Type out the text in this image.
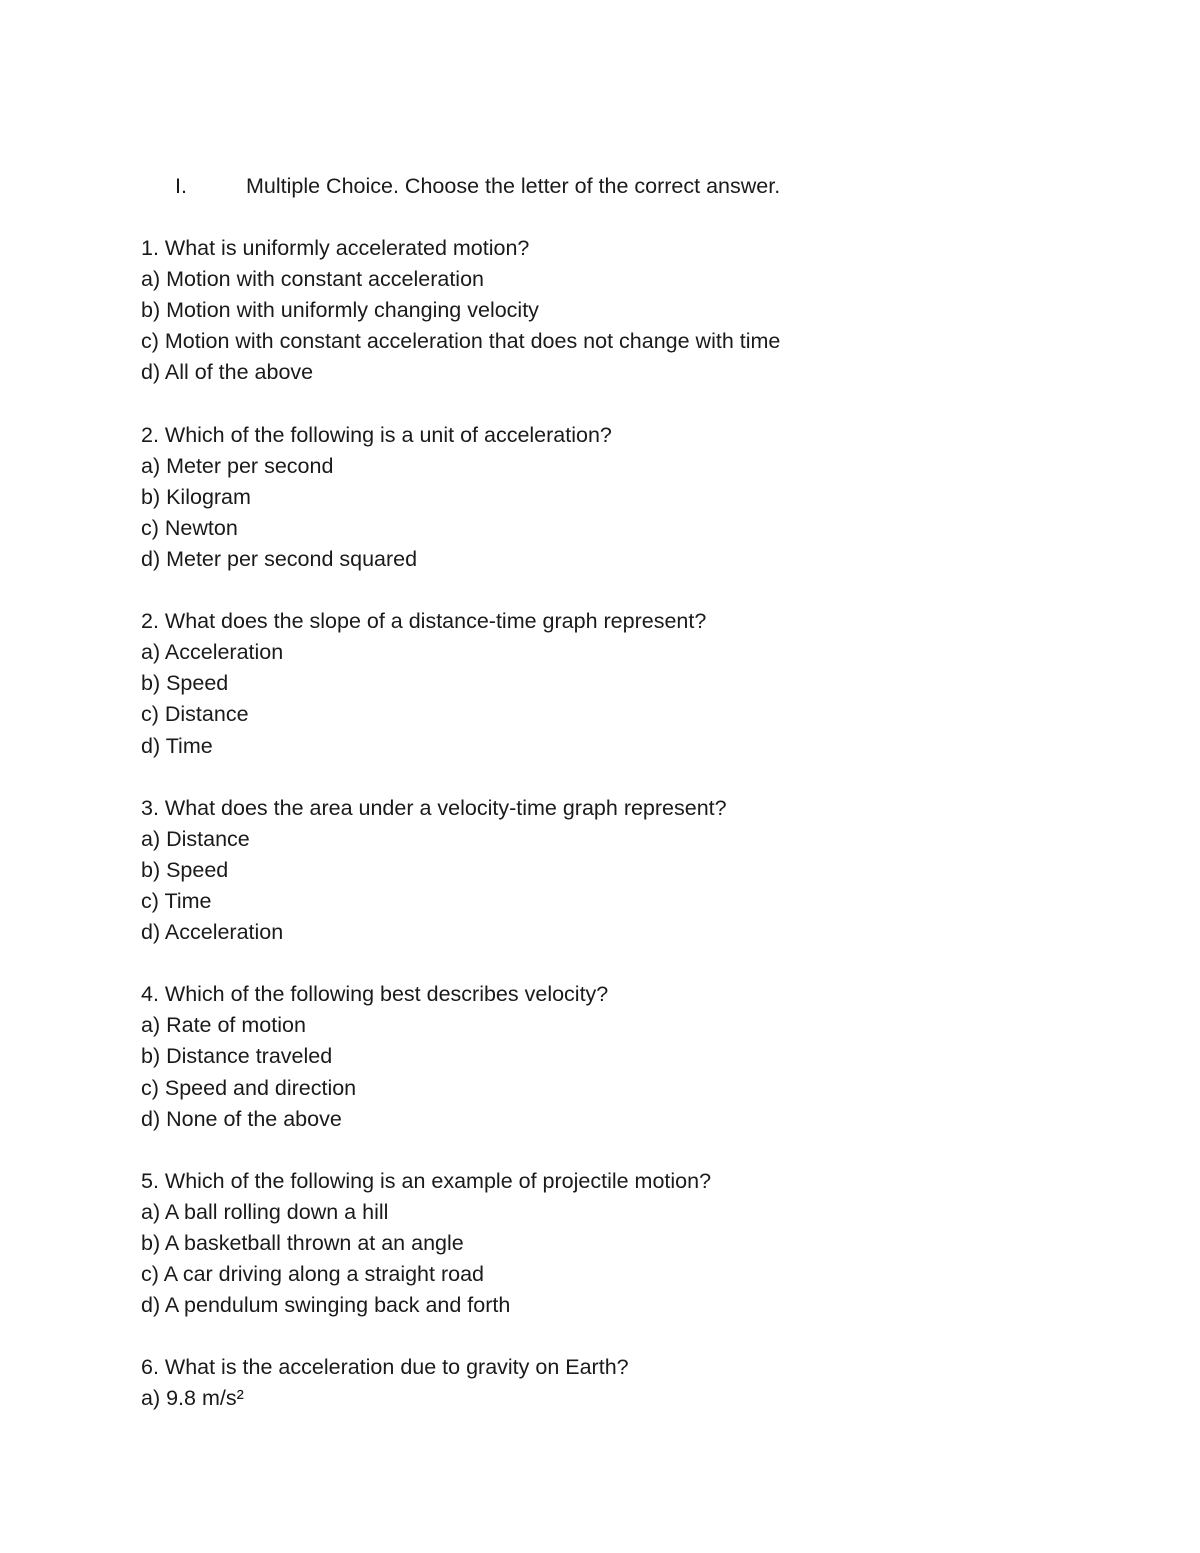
I.	Multiple Choice. Choose the letter of the correct answer.
1. What is uniformly accelerated motion?
a) Motion with constant acceleration
b) Motion with uniformly changing velocity
c) Motion with constant acceleration that does not change with time
d) All of the above
2. Which of the following is a unit of acceleration?
a) Meter per second
b) Kilogram
c) Newton
d) Meter per second squared
2. What does the slope of a distance-time graph represent?
a) Acceleration
b) Speed
c) Distance
d) Time
3. What does the area under a velocity-time graph represent?
a) Distance
b) Speed
c) Time
d) Acceleration
4. Which of the following best describes velocity?
a) Rate of motion
b) Distance traveled
c) Speed and direction
d) None of the above
5. Which of the following is an example of projectile motion?
a) A ball rolling down a hill
b) A basketball thrown at an angle
c) A car driving along a straight road
d) A pendulum swinging back and forth
6. What is the acceleration due to gravity on Earth?
a) 9.8 m/s²
